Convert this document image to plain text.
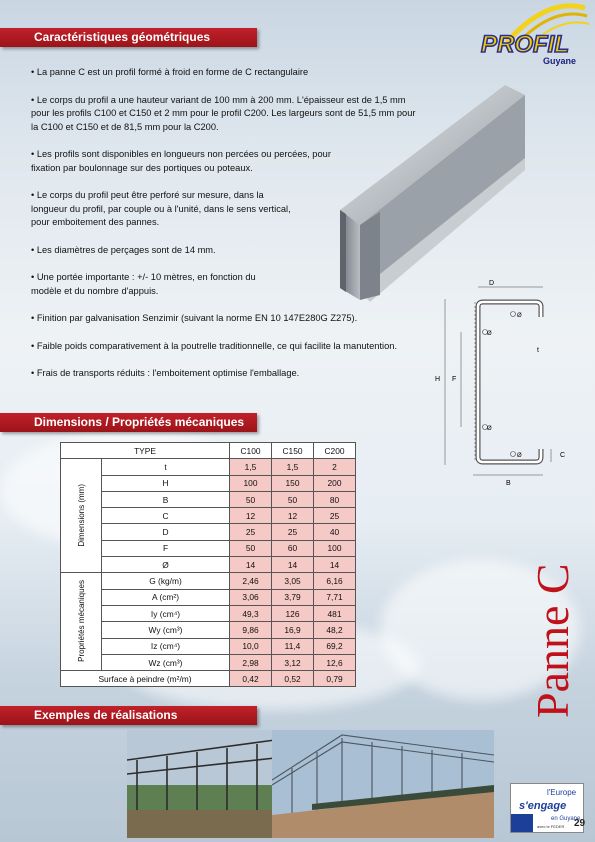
Caractéristiques géométriques
Dimensions / Propriétés mécaniques
Exemples de réalisations
PROFIL
Guyane

• La panne C est un profil formé à froid en forme de C rectangulaire

• Le corps du profil a une hauteur variant de 100 mm à 200 mm. L'épaisseur est de 1,5 mm pour les profils C100 et C150 et 2 mm pour le profil C200. Les largeurs sont de 51,5 mm pour la C100 et C150 et de 81,5 mm pour la C200.

• Les profils sont disponibles en longueurs non percées ou percées, pour fixation par boulonnage sur des portiques ou poteaux.

• Le corps du profil peut être perforé sur mesure, dans la longueur du profil, par couple ou à l'unité, dans le sens vertical, pour emboitement des pannes.

• Les diamètres de perçages sont de 14 mm.

• Une portée importante : +/- 10 mètres, en fonction du modèle et du nombre d'appuis.

• Finition par galvanisation Senzimir (suivant la norme EN 10 147E280G Z275).

• Faible poids comparativement à la poutrelle traditionnelle, ce qui facilite la manutention.

• Frais de transports réduits : l'emboitement optimise l'emballage.

D
H F
B
C
t
Ø
Ø
Ø
Ø
TYPE		C100	C150	C200
Dimensions (mm)	t	1,5	1,5	2
	H	100	150	200
	B	50	50	80
	C	12	12	25
	D	25	25	40
	F	50	60	100
	Ø	14	14	14
Propriétés mécaniques	G (kg/m)	2,46	3,05	6,16
	A (cm²)	3,06	3,79	7,71
	Iy (cm⁴)	49,3	126	481
	Wy (cm³)	9,86	16,9	48,2
	Iz (cm⁴)	10,0	11,4	69,2
	Wz (cm³)	2,98	3,12	12,6
Surface à peindre (m²/m)		0,42	0,52	0,79	Panne C
l'Europe
s'engage
en Guyane
avec le FEDER 29
